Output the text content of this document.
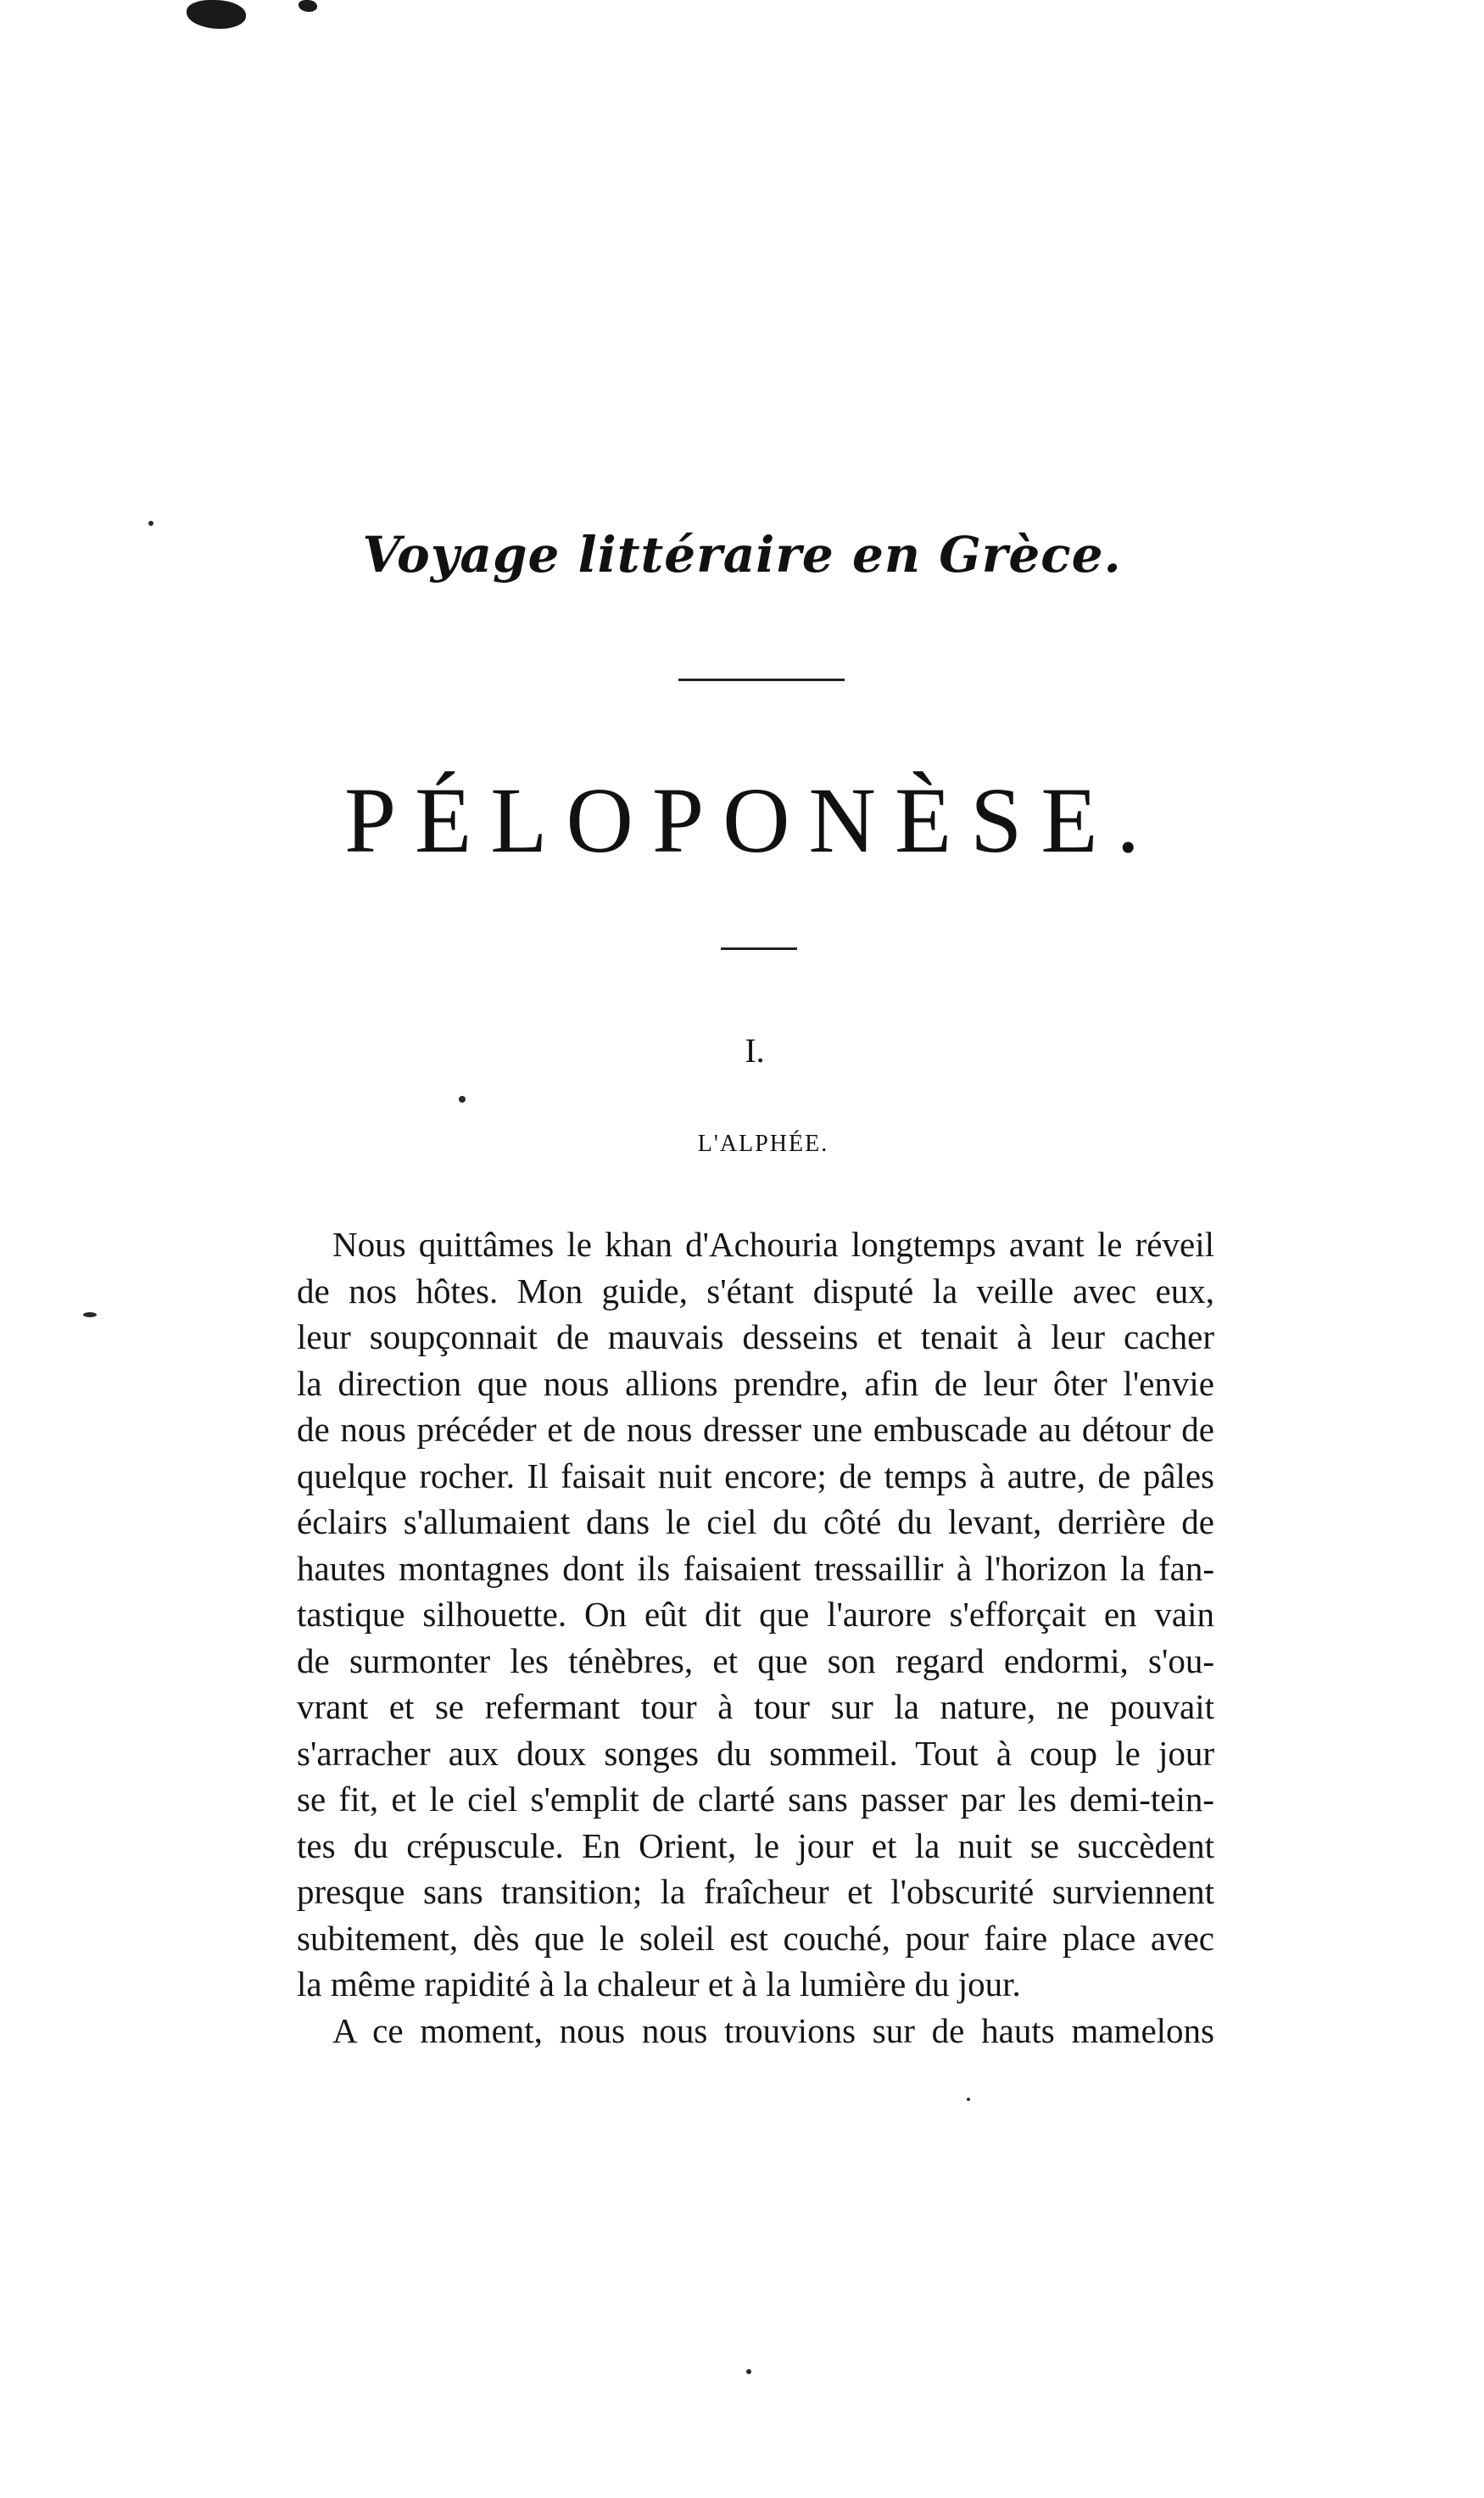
Voyage littéraire en Grèce.
PÉLOPONÈSE.
I.
L'ALPHÉE.
Nous quittâmes le khan d'Achouria longtemps avant le réveil
de nos hôtes. Mon guide, s'étant disputé la veille avec eux,
leur soupçonnait de mauvais desseins et tenait à leur cacher
la direction que nous allions prendre, afin de leur ôter l'envie
de nous précéder et de nous dresser une embuscade au détour de
quelque rocher. Il faisait nuit encore; de temps à autre, de pâles
éclairs s'allumaient dans le ciel du côté du levant, derrière de
hautes montagnes dont ils faisaient tressaillir à l'horizon la fan-
tastique silhouette. On eût dit que l'aurore s'efforçait en vain
de surmonter les ténèbres, et que son regard endormi, s'ou-
vrant et se refermant tour à tour sur la nature, ne pouvait
s'arracher aux doux songes du sommeil. Tout à coup le jour
se fit, et le ciel s'emplit de clarté sans passer par les demi-tein-
tes du crépuscule. En Orient, le jour et la nuit se succèdent
presque sans transition; la fraîcheur et l'obscurité surviennent
subitement, dès que le soleil est couché, pour faire place avec
la même rapidité à la chaleur et à la lumière du jour.
A ce moment, nous nous trouvions sur de hauts mamelons
